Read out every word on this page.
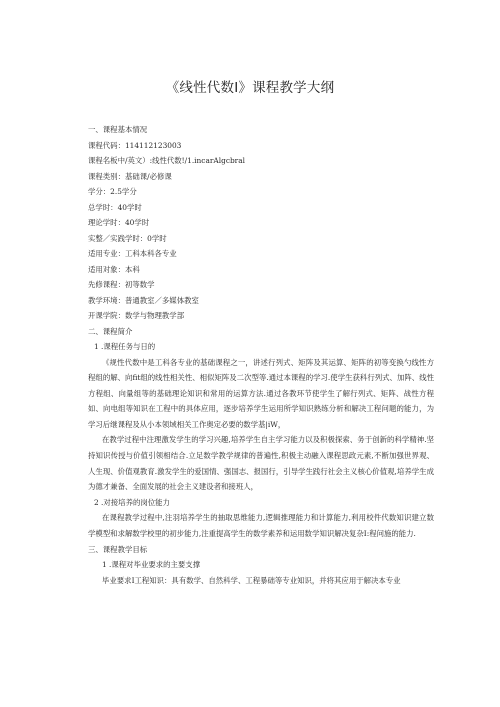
《线性代数I》课程教学大纲
一、课程基本情况
课程代码：114112123003
课程名板中/英文）:线性代数!/1.incarAlgcbral
课程类别：基础课/必修课
学分：2.5学分
总学时：40学时
理论学时：40学时
实整／实践学时：0学时
适用专业：工科本科各专业
适用对象：本科
先修课程：初等数学
教学环境：普通教室／多媒体教室
开课学院：数学与物理教学部
二、课程简介
1 .课程任务与日的
《规性代数中是工科各专业的基础课程之一，讲述行列式、矩阵及其运算、矩阵的初等变换勺线性方程组的解、向fit组的线性相关性、相似矩阵及二次型等.通过本课程的学习.使学生获科行列式、加阵、线性方程组、向量组等的基础理论知识和常用的运算方法.通过各教环节使学生了解行列式、矩阵、战性方程如、向电组等知识在工程中的具体应用，逐步培养学生运用所学知识熟练分析和解决工程问题的能力，为学习后继课程及从小本领域相关工作奥定必要的数学基|iW，
在教学过程中注理激发学生的学习兴趣,培养学生自主学习能力以及积极探索、务于创新的科学精神.坚持知识传授与价值引领相结合.立足数学教学规律的普遍性,积极主动融入课程思政元素,不断加强世界观、人生现、价值观教育.激发学生的爱国情、强国志、报国行，引导学生践行社会主义核心价值观,培养学生成为德才兼备、全面发展的社会主义建设者和接班人，
2 .对接培养的岗位能力
在课程教学过程中,注羽培养学生的抽取思维能力,逻辑推理能力和计算能力,利用校件代数知识建立数学模型和求解数学校里的初步能力,注重提高学生的数学素养和运用数学知识解决复杂I:程问施的能力.
三、课程教学目标
1 .课程对毕业要求的主要支撑
毕业要求I工程知识：具有数学、自然科学、工程暴础等专业知识，并将其应用于解决本专业
